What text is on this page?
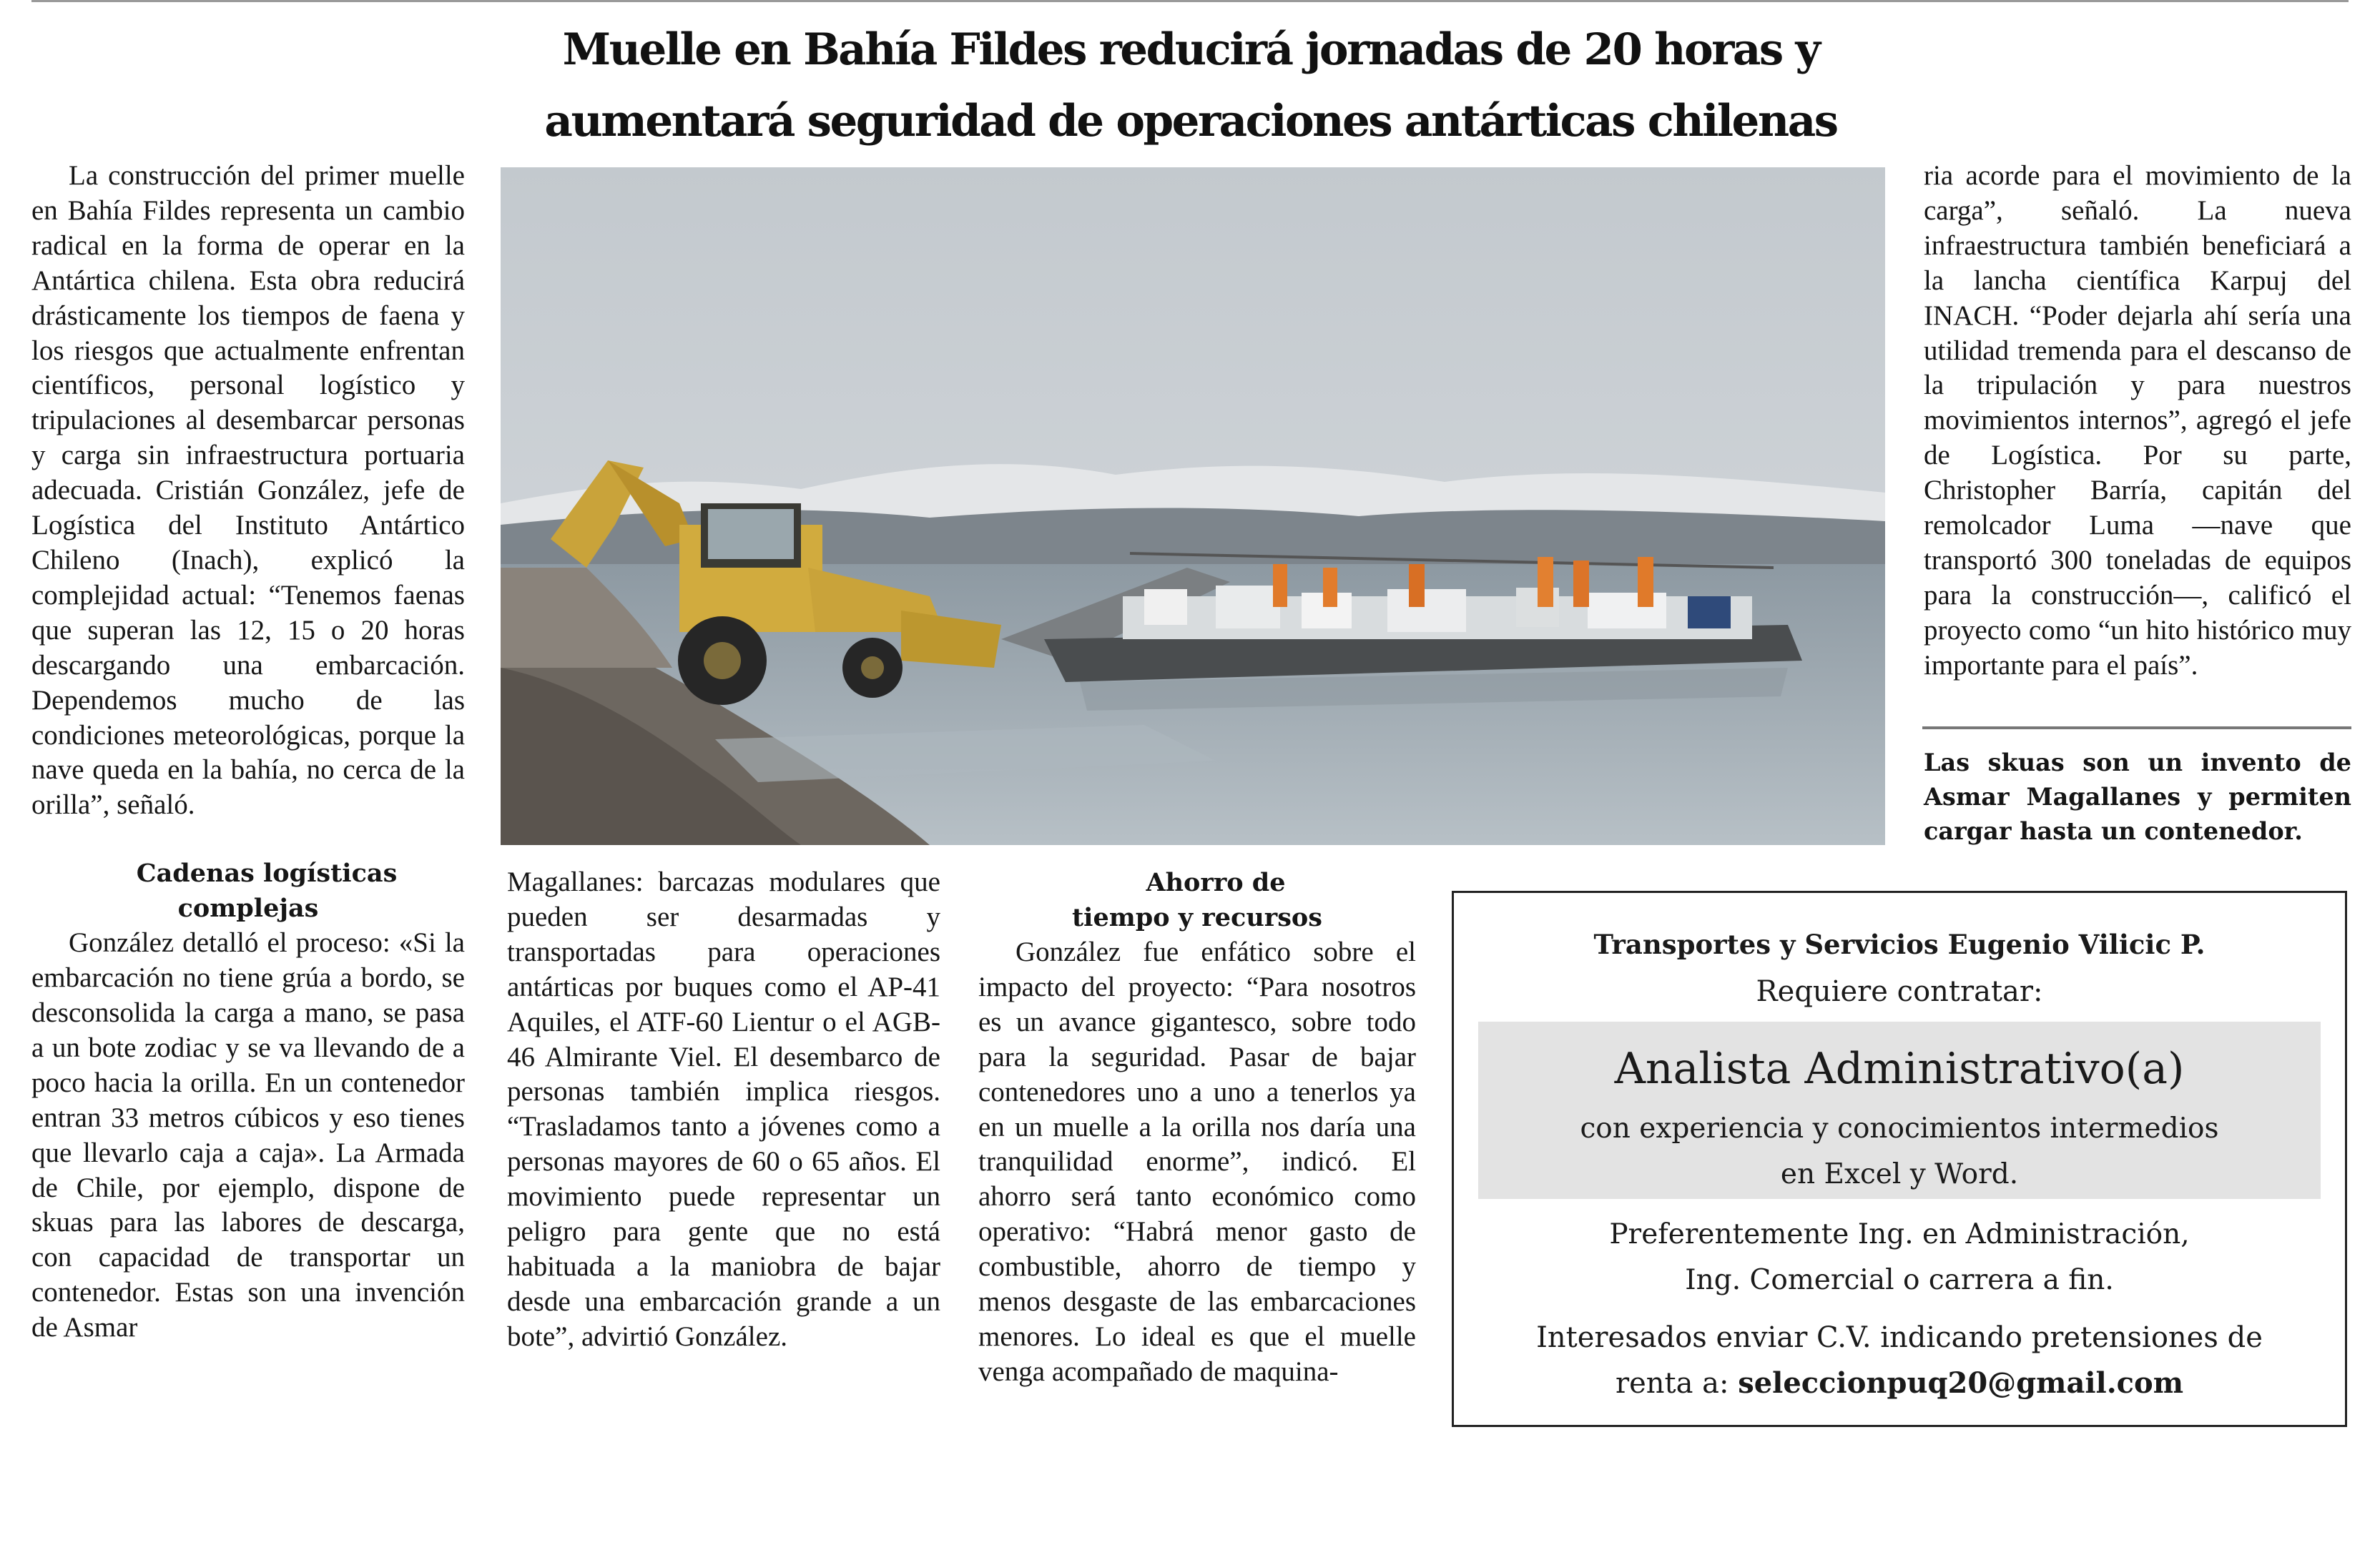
Muelle en Bahía Fildes reducirá jornadas de 20 horas y
aumentará seguridad de operaciones antárticas chilenas

La construcción del primer muelle en Bahía Fildes representa un cambio radical en la forma de operar en la Antártica chilena. Esta obra reducirá drásticamente los tiempos de faena y los riesgos que actualmente enfrentan científicos, personal logístico y tripulaciones al desembarcar personas y carga sin infraestructura portuaria adecuada. Cristián González, jefe de Logística del Instituto Antártico Chileno (Inach), explicó la complejidad actual: “Tenemos faenas que superan las 12, 15 o 20 horas descargando una embarcación. Dependemos mucho de las condiciones meteorológicas, porque la nave queda en la bahía, no cerca de la orilla”, señaló.

Cadenas logísticas complejas

González detalló el proceso: «Si la embarcación no tiene grúa a bordo, se desconsolida la carga a mano, se pasa a un bote zodiac y se va llevando de a poco hacia la orilla. En un contenedor entran 33 metros cúbicos y eso tienes que llevarlo caja a caja». La Armada de Chile, por ejemplo, dispone de skuas para las labores de descarga, con capacidad de transportar un contenedor. Estas son una invención de Asmar

Magallanes: barcazas modulares que pueden ser desarmadas y transportadas para operaciones antárticas por buques como el AP-41 Aquiles, el ATF-60 Lientur o el AGB-46 Almirante Viel. El desembarco de personas también implica riesgos. “Trasladamos tanto a jóvenes como a personas mayores de 60 o 65 años. El movimiento puede representar un peligro para gente que no está habituada a la maniobra de bajar desde una embarcación grande a un bote”, advirtió González.

Ahorro de tiempo y recursos

González fue enfático sobre el impacto del proyecto: “Para nosotros es un avance gigantesco, sobre todo para la seguridad. Pasar de bajar contenedores uno a uno a tenerlos ya en un muelle a la orilla nos daría una tranquilidad enorme”, indicó. El ahorro será tanto económico como operativo: “Habrá menor gasto de combustible, ahorro de tiempo y menos desgaste de las embarcaciones menores. Lo ideal es que el muelle venga acompañado de maquina-

ria acorde para el movimiento de la carga”, señaló. La nueva infraestructura también beneficiará a la lancha científica Karpuj del INACH. “Poder dejarla ahí sería una utilidad tremenda para el descanso de la tripulación y para nuestros movimientos internos”, agregó el jefe de Logística. Por su parte, Christopher Barría, capitán del remolcador Luma —nave que transportó 300 toneladas de equipos para la construcción—, calificó el proyecto como “un hito histórico muy importante para el país”.

Las skuas son un invento de Asmar Magallanes y permiten cargar hasta un contenedor.
Transportes y Servicios Eugenio Vilicic P.
Requiere contratar:
Analista Administrativo(a)
con experiencia y conocimientos intermedios
en Excel y Word.
Preferentemente Ing. en Administración,
Ing. Comercial o carrera a fin.
Interesados enviar C.V. indicando pretensiones de
renta a: seleccionpuq20@gmail.com
